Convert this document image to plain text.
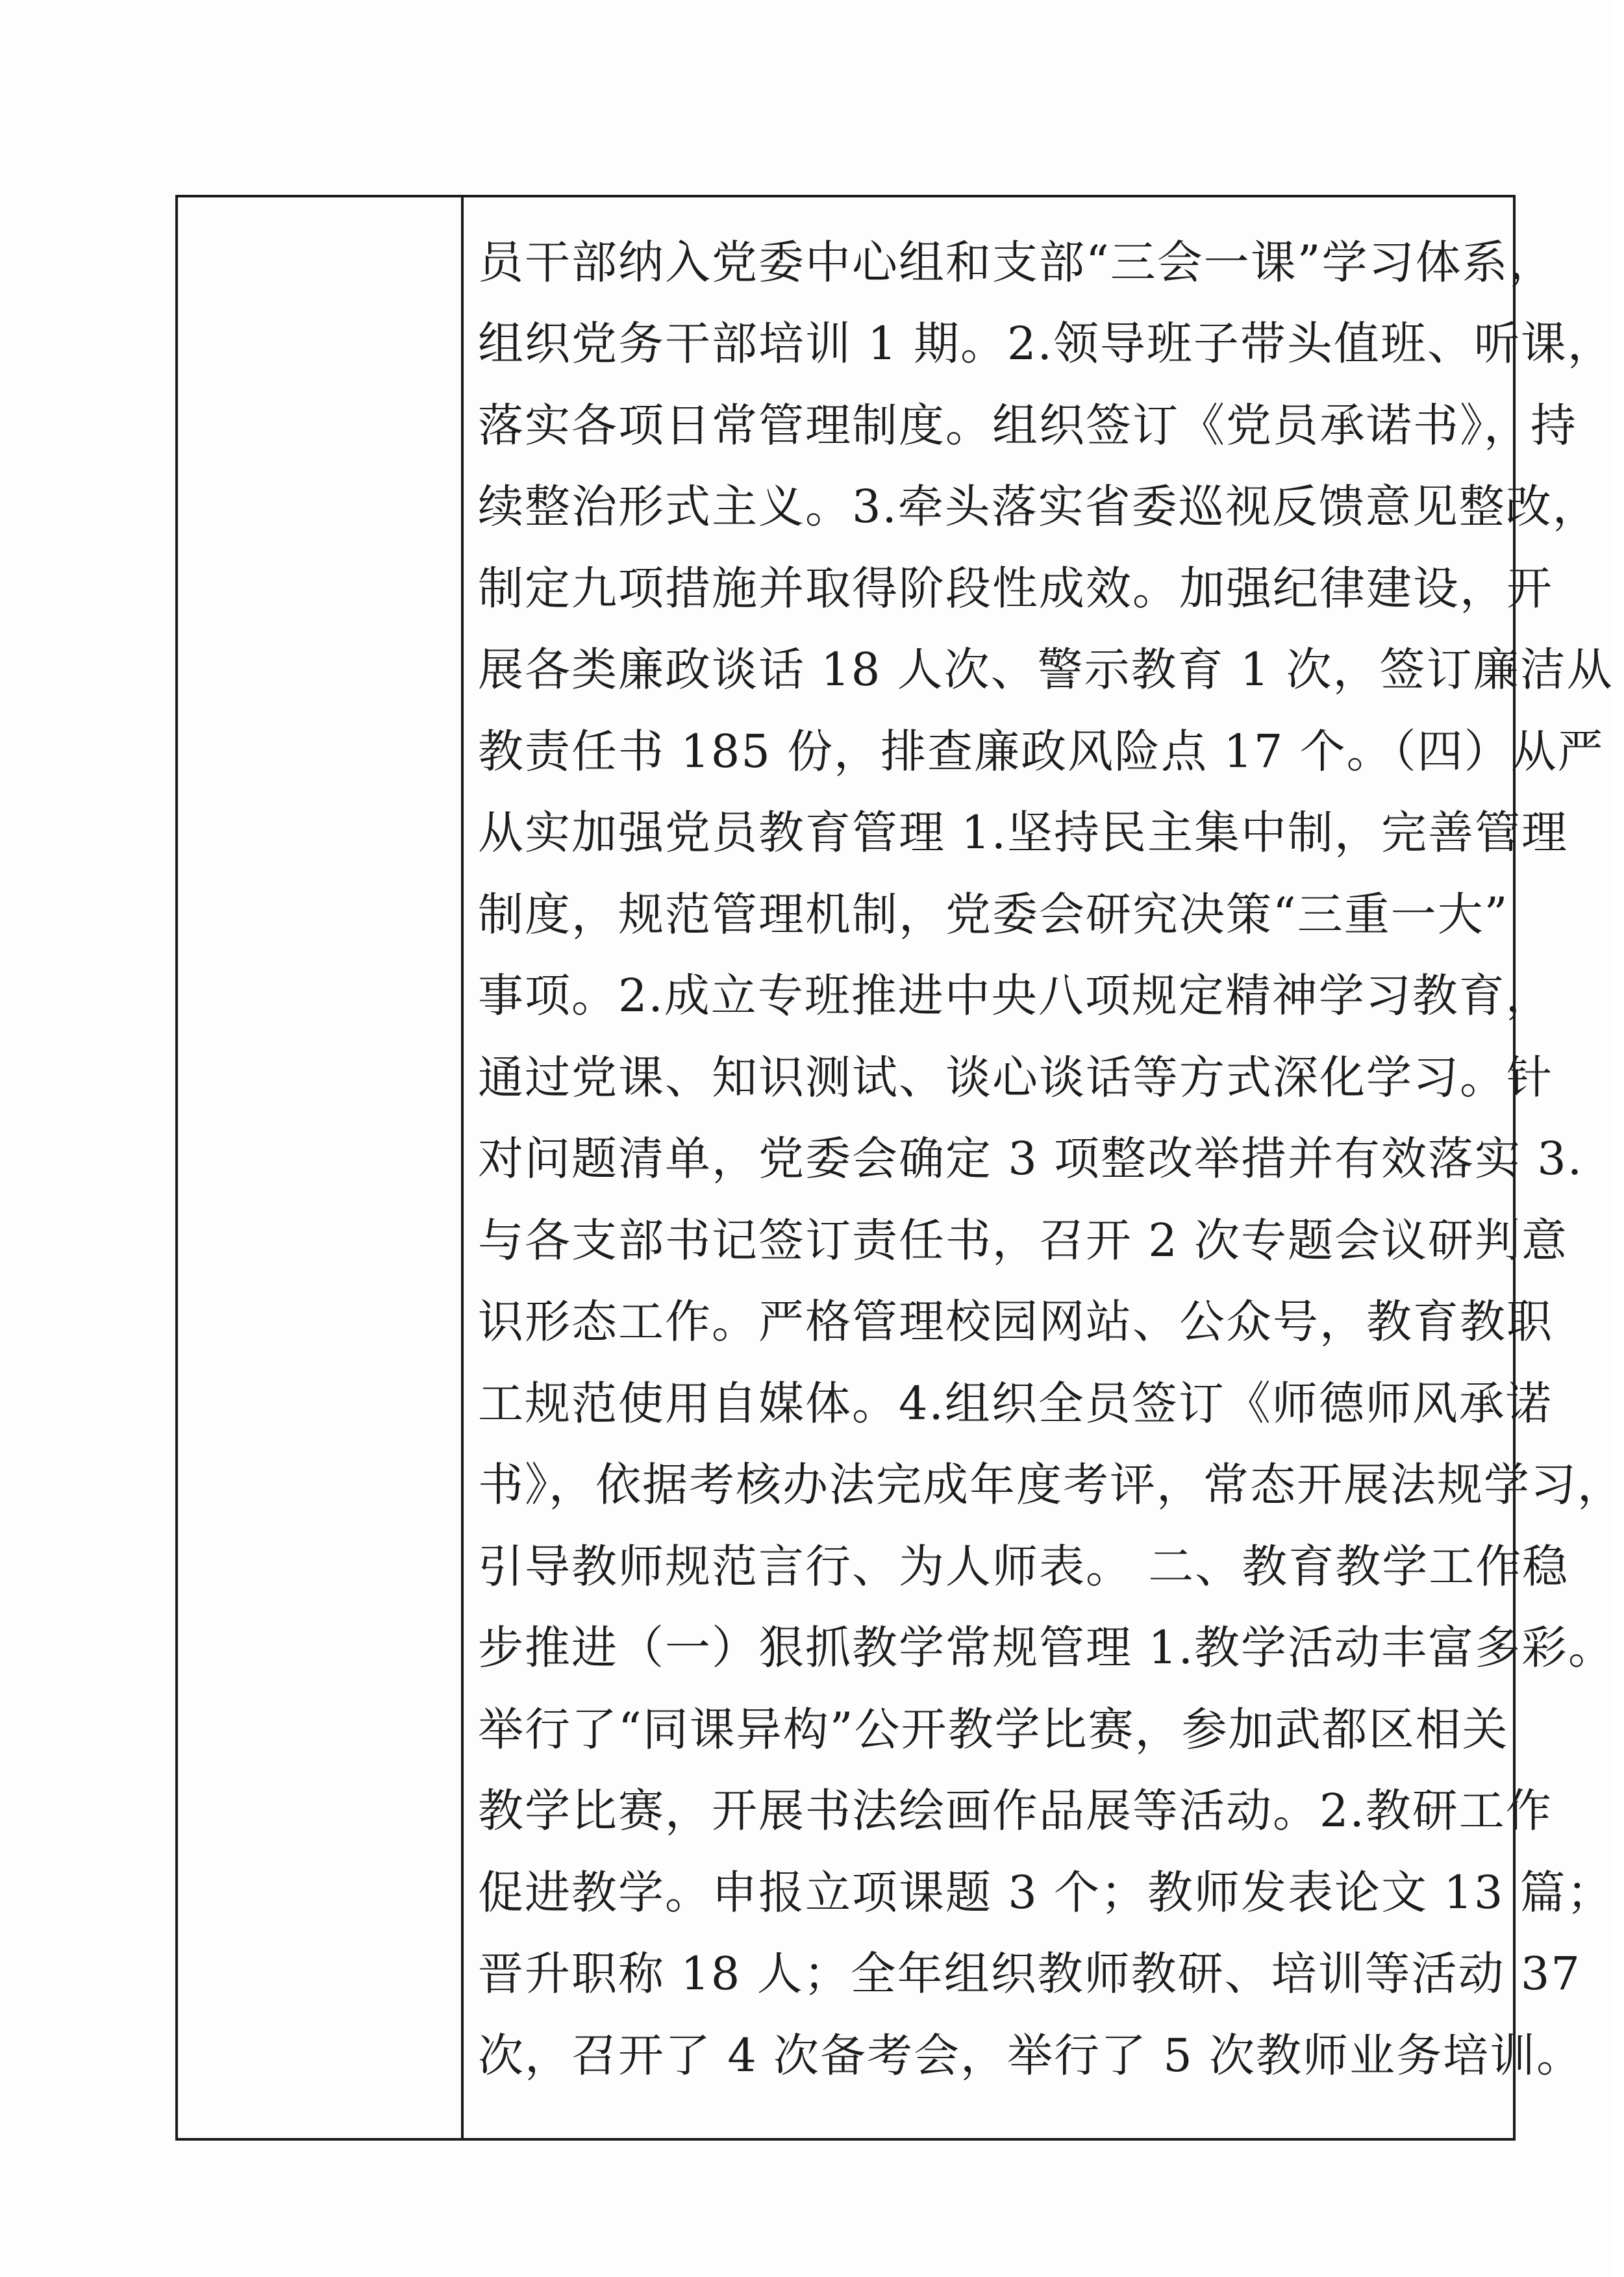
员干部纳入党委中心组和支部“三会一课”学习体系，
组织党务干部培训 1 期。2.领导班子带头值班、听课，
落实各项日常管理制度。组织签订《党员承诺书》，持
续整治形式主义。3.牵头落实省委巡视反馈意见整改，
制定九项措施并取得阶段性成效。加强纪律建设，开
展各类廉政谈话 18 人次、警示教育 1 次，签订廉洁从
教责任书 185 份，排查廉政风险点 17 个。（四）从严
从实加强党员教育管理 1.坚持民主集中制，完善管理
制度，规范管理机制，党委会研究决策“三重一大”
事项。2.成立专班推进中央八项规定精神学习教育，
通过党课、知识测试、谈心谈话等方式深化学习。针
对问题清单，党委会确定 3 项整改举措并有效落实 3.
与各支部书记签订责任书，召开 2 次专题会议研判意
识形态工作。严格管理校园网站、公众号，教育教职
工规范使用自媒体。4.组织全员签订《师德师风承诺
书》，依据考核办法完成年度考评，常态开展法规学习，
引导教师规范言行、为人师表。 二、教育教学工作稳
步推进（一）狠抓教学常规管理 1.教学活动丰富多彩。
举行了“同课异构”公开教学比赛，参加武都区相关
教学比赛，开展书法绘画作品展等活动。2.教研工作
促进教学。申报立项课题 3 个；教师发表论文 13 篇；
晋升职称 18 人；全年组织教师教研、培训等活动 37
次，召开了 4 次备考会，举行了 5 次教师业务培训。
